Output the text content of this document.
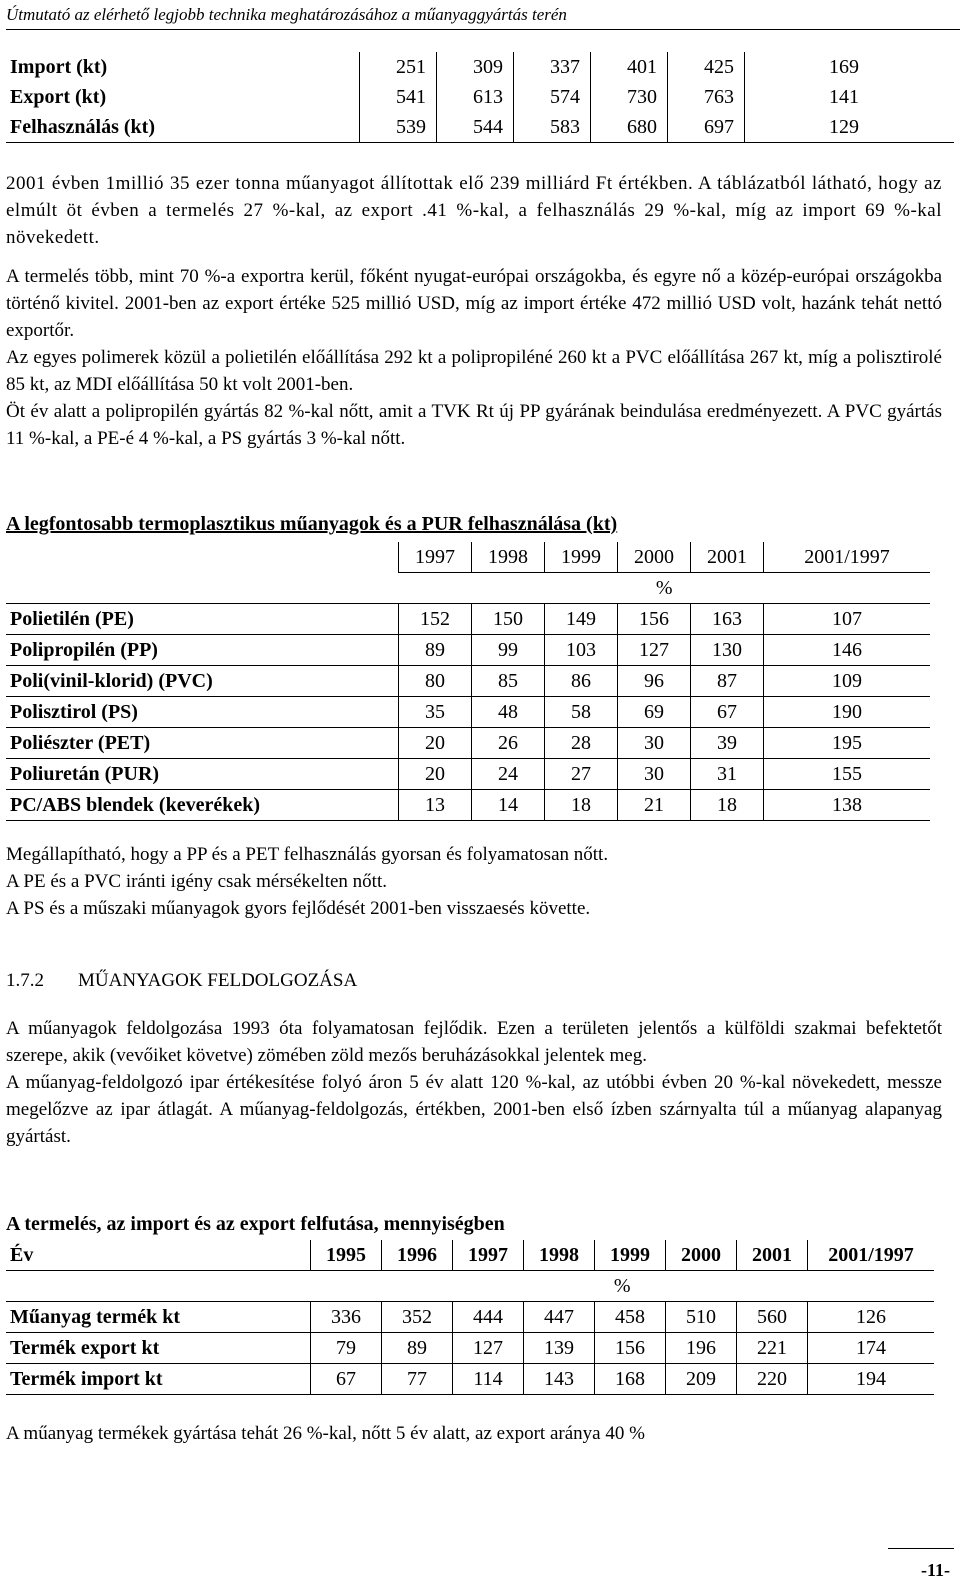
Útmutató az elérhető legjobb technika meghatározásához a műanyaggyártás terén
Import (kt)	251	309	337	401	425	169
Export (kt)	541	613	574	730	763	141
Felhasználás (kt)	539	544	583	680	697	129

2001 évben 1millió 35 ezer tonna műanyagot állítottak elő 239 milliárd Ft értékben. A táblázatból látható, hogy az elmúlt öt évben a termelés 27 %-kal, az export .41 %-kal, a felhasználás 29 %-kal, míg az import 69 %-kal növekedett.

A termelés több, mint 70 %-a exportra kerül, főként nyugat-európai országokba, és egyre nő a közép-európai országokba történő kivitel. 2001-ben az export értéke 525 millió USD, míg az import értéke 472 millió USD volt, hazánk tehát nettó exportőr.

Az egyes polimerek közül a polietilén előállítása 292 kt a polipropiléné 260 kt a PVC előállítása 267 kt, míg a polisztirolé 85 kt, az MDI előállítása 50 kt volt 2001-ben.

Öt év alatt a polipropilén gyártás 82 %-kal nőtt, amit a TVK Rt új PP gyárának beindulása eredményezett. A PVC gyártás 11 %-kal, a PE-é 4 %-kal, a PS gyártás 3 %-kal nőtt.

A legfontosabb termoplasztikus műanyagok és a PUR felhasználása (kt)
	1997	1998	1999	2000	2001	2001/1997
	%					
Polietilén (PE)	152	150	149	156	163	107
Polipropilén (PP)	89	99	103	127	130	146
Poli(vinil-klorid) (PVC)	80	85	86	96	87	109
Polisztirol (PS)	35	48	58	69	67	190
Poliészter (PET)	20	26	28	30	39	195
Poliuretán (PUR)	20	24	27	30	31	155
PC/ABS blendek (keverékek)	13	14	18	21	18	138

Megállapítható, hogy a PP és a PET felhasználás gyorsan és folyamatosan nőtt.

A PE és a PVC iránti igény csak mérsékelten nőtt.

A PS és a műszaki műanyagok gyors fejlődését 2001-ben visszaesés követte.

1.7.2 MŰANYAGOK FELDOLGOZÁSA

A műanyagok feldolgozása 1993 óta folyamatosan fejlődik. Ezen a területen jelentős a külföldi szakmai befektetőt szerepe, akik (vevőiket követve) zömében zöld mezős beruházásokkal jelentek meg.

A műanyag-feldolgozó ipar értékesítése folyó áron 5 év alatt 120 %-kal, az utóbbi évben 20 %-kal növekedett, messze megelőzve az ipar átlagát. A műanyag-feldolgozás, értékben, 2001-ben első ízben szárnyalta túl a műanyag alapanyag gyártást.

A termelés, az import és az export felfutása, mennyiségben
Év	1995	1996	1997	1998	1999	2000	2001	2001/1997
	%							
Műanyag termék kt	336	352	444	447	458	510	560	126
Termék export kt	79	89	127	139	156	196	221	174
Termék import kt	67	77	114	143	168	209	220	194

A műanyag termékek gyártása tehát 26 %-kal, nőtt 5 év alatt, az export aránya 40 %

-11-
